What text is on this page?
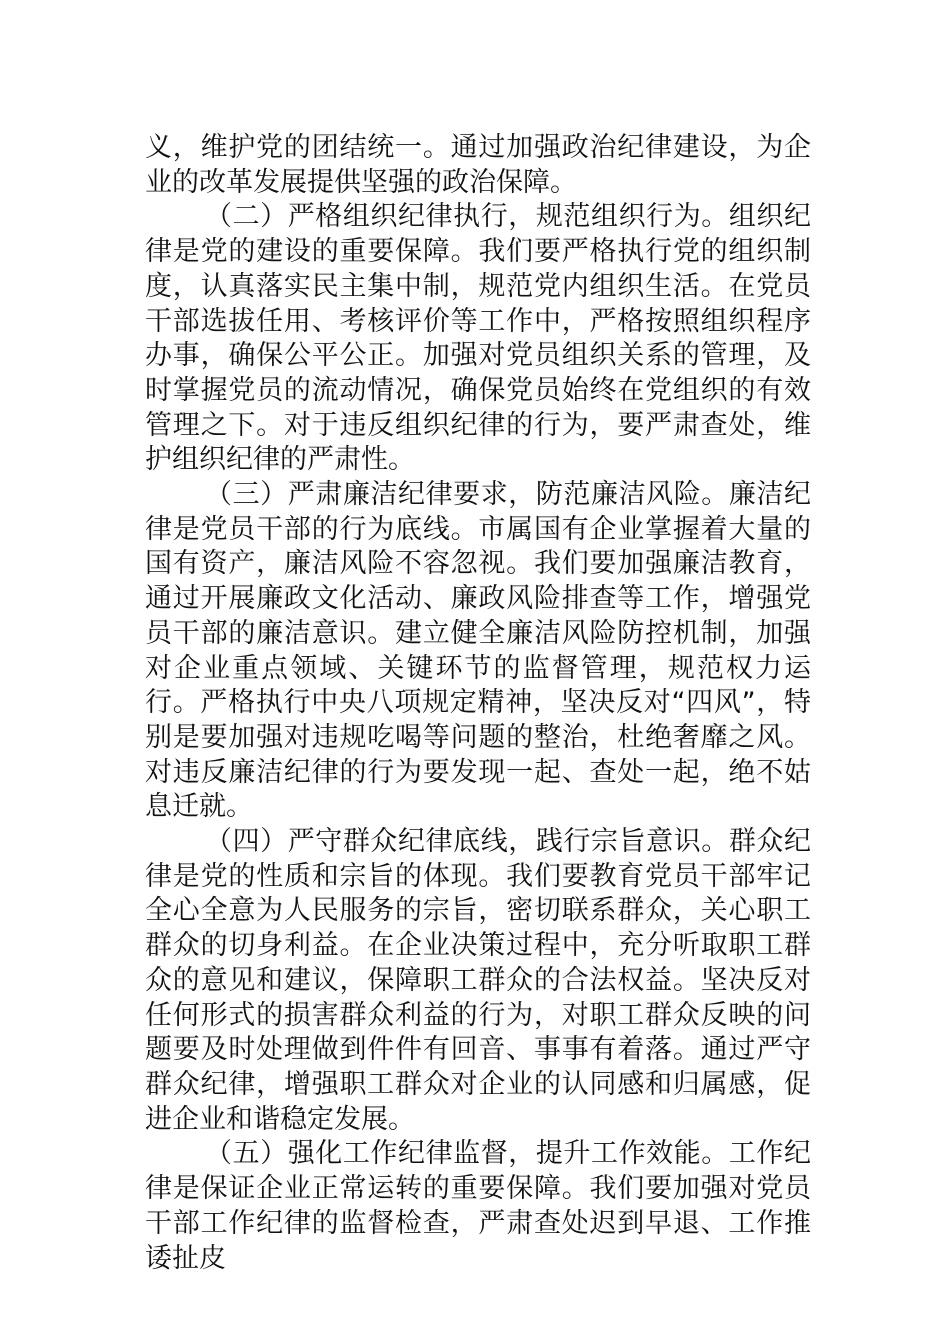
义，维护党的团结统一。通过加强政治纪律建设，为企业的改革发展提供坚强的政治保障。

（二）严格组织纪律执行，规范组织行为。组织纪律是党的建设的重要保障。我们要严格执行党的组织制度，认真落实民主集中制，规范党内组织生活。在党员干部选拔任用、考核评价等工作中，严格按照组织程序办事，确保公平公正。加强对党员组织关系的管理，及时掌握党员的流动情况，确保党员始终在党组织的有效管理之下。对于违反组织纪律的行为，要严肃查处，维护组织纪律的严肃性。

（三）严肃廉洁纪律要求，防范廉洁风险。廉洁纪律是党员干部的行为底线。市属国有企业掌握着大量的国有资产，廉洁风险不容忽视。我们要加强廉洁教育，通过开展廉政文化活动、廉政风险排查等工作，增强党员干部的廉洁意识。建立健全廉洁风险防控机制，加强对企业重点领域、关键环节的监督管理，规范权力运行。严格执行中央八项规定精神，坚决反对“四风”，特别是要加强对违规吃喝等问题的整治，杜绝奢靡之风。对违反廉洁纪律的行为要发现一起、查处一起，绝不姑息迁就。

（四）严守群众纪律底线，践行宗旨意识。群众纪律是党的性质和宗旨的体现。我们要教育党员干部牢记全心全意为人民服务的宗旨，密切联系群众，关心职工群众的切身利益。在企业决策过程中，充分听取职工群众的意见和建议，保障职工群众的合法权益。坚决反对任何形式的损害群众利益的行为，对职工群众反映的问题要及时处理做到件件有回音、事事有着落。通过严守群众纪律，增强职工群众对企业的认同感和归属感，促进企业和谐稳定发展。

（五）强化工作纪律监督，提升工作效能。工作纪律是保证企业正常运转的重要保障。我们要加强对党员干部工作纪律的监督检查，严肃查处迟到早退、工作推诿扯皮
